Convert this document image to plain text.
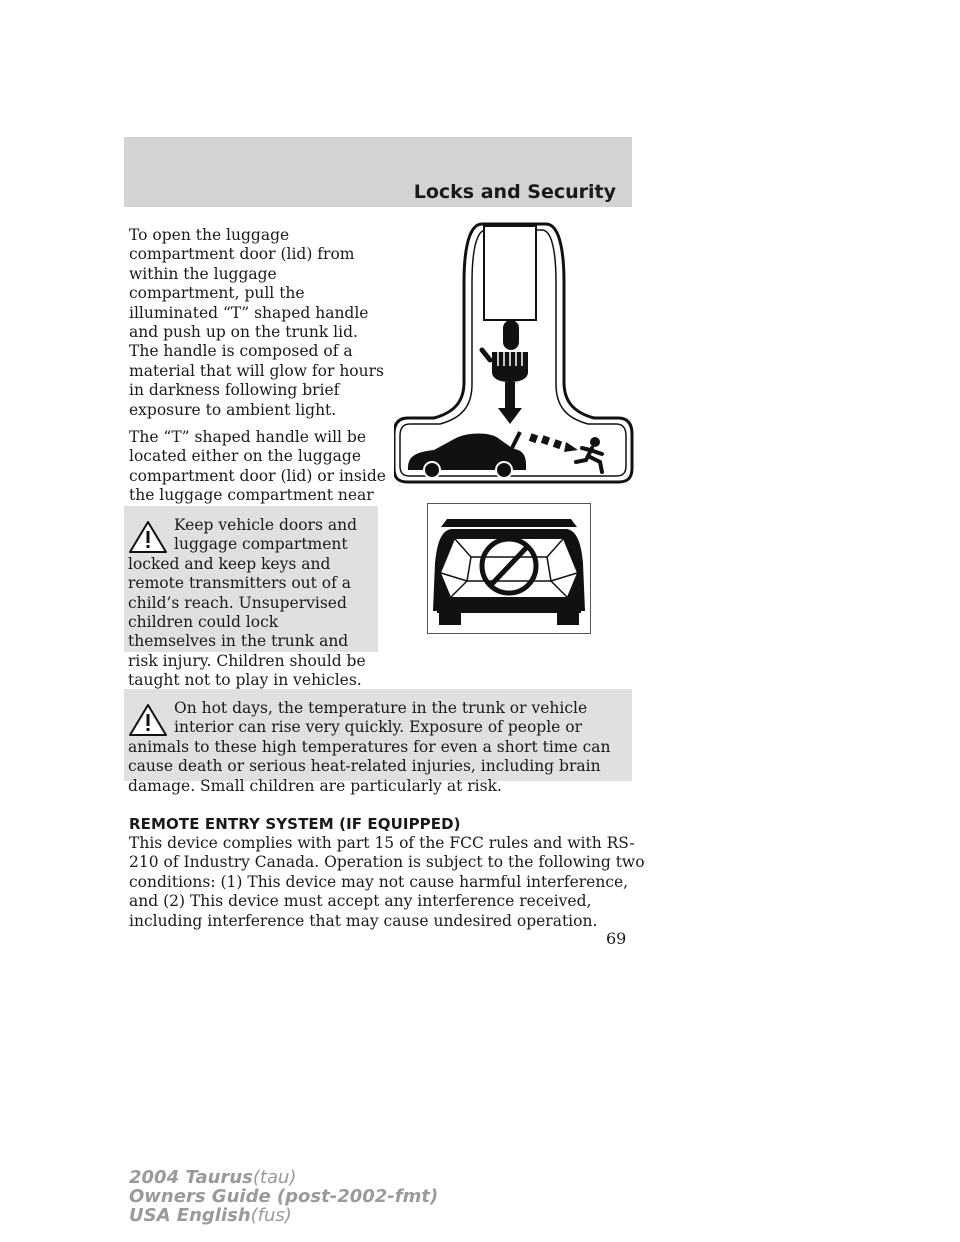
Locks and Security

To open the luggage compartment door (lid) from within the luggage compartment, pull the illuminated “T” shaped handle and push up on the trunk lid. The handle is composed of a material that will glow for hours in darkness following brief exposure to ambient light.

The “T” shaped handle will be located either on the luggage compartment door (lid) or inside the luggage compartment near

Keep vehicle doors and luggage compartment locked and keep keys and remote transmitters out of a child’s reach. Unsupervised children could lock themselves in the trunk and risk injury. Children should be taught not to play in vehicles.
On hot days, the temperature in the trunk or vehicle interior can rise very quickly. Exposure of people or animals to these high temperatures for even a short time can cause death or serious heat-related injuries, including brain damage. Small children are particularly at risk.
REMOTE ENTRY SYSTEM (IF EQUIPPED)

This device complies with part 15 of the FCC rules and with RS-210 of Industry Canada. Operation is subject to the following two conditions: (1) This device may not cause harmful interference, and (2) This device must accept any interference received, including interference that may cause undesired operation.

69

2004 Taurus(tau)
Owners Guide (post-2002-fmt)
USA English(fus)
